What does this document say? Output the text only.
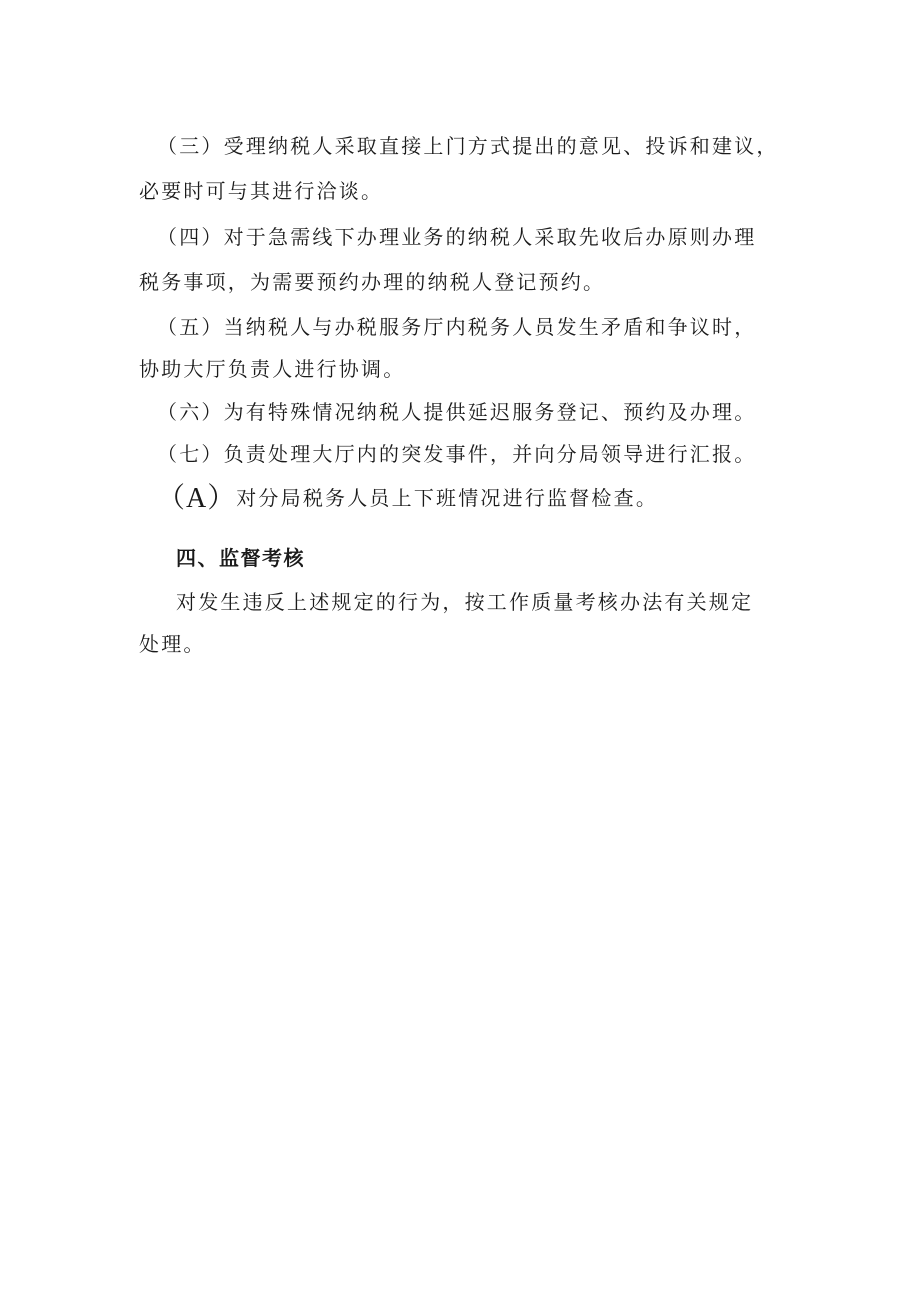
（三）受理纳税人采取直接上门方式提出的意见、投诉和建议，
必要时可与其进行洽谈。
（四）对于急需线下办理业务的纳税人采取先收后办原则办理
税务事项，为需要预约办理的纳税人登记预约。
（五）当纳税人与办税服务厅内税务人员发生矛盾和争议时，
协助大厅负责人进行协调。
（六）为有特殊情况纳税人提供延迟服务登记、预约及办理。
（七）负责处理大厅内的突发事件，并向分局领导进行汇报。
（A）对分局税务人员上下班情况进行监督检查。
四、监督考核
对发生违反上述规定的行为，按工作质量考核办法有关规定
处理。
